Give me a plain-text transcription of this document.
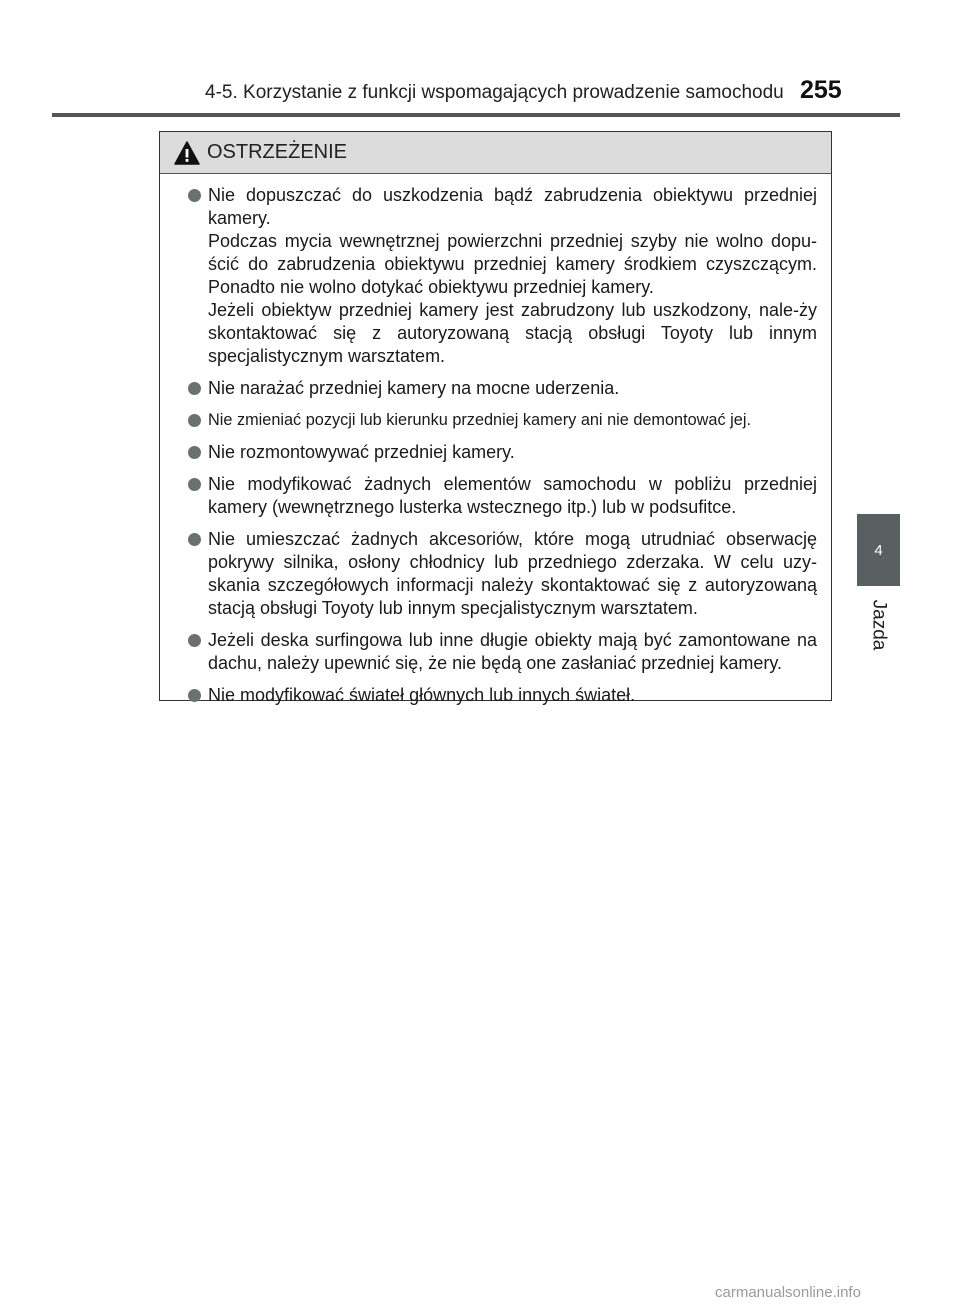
4-5. Korzystanie z funkcji wspomagających prowadzenie samochodu 255
4
Jazda
OSTRZEŻENIE
Nie dopuszczać do uszkodzenia bądź zabrudzenia obiektywu przedniej kamery.

Podczas mycia wewnętrznej powierzchni przedniej szyby nie wolno dopu-ścić do zabrudzenia obiektywu przedniej kamery środkiem czyszczącym. Ponadto nie wolno dotykać obiektywu przedniej kamery.

Jeżeli obiektyw przedniej kamery jest zabrudzony lub uszkodzony, nale-ży skontaktować się z autoryzowaną stacją obsługi Toyoty lub innym specjalistycznym warsztatem.

Nie narażać przedniej kamery na mocne uderzenia.
Nie zmieniać pozycji lub kierunku przedniej kamery ani nie demontować jej.
Nie rozmontowywać przedniej kamery.
Nie modyfikować żadnych elementów samochodu w pobliżu przedniej kamery (wewnętrznego lusterka wstecznego itp.) lub w podsufitce.
Nie umieszczać żadnych akcesoriów, które mogą utrudniać obserwację pokrywy silnika, osłony chłodnicy lub przedniego zderzaka. W celu uzy-skania szczegółowych informacji należy skontaktować się z autoryzowaną stacją obsługi Toyoty lub innym specjalistycznym warsztatem.
Jeżeli deska surfingowa lub inne długie obiekty mają być zamontowane na dachu, należy upewnić się, że nie będą one zasłaniać przedniej kamery.
Nie modyfikować świateł głównych lub innych świateł.
carmanualsonline.info
